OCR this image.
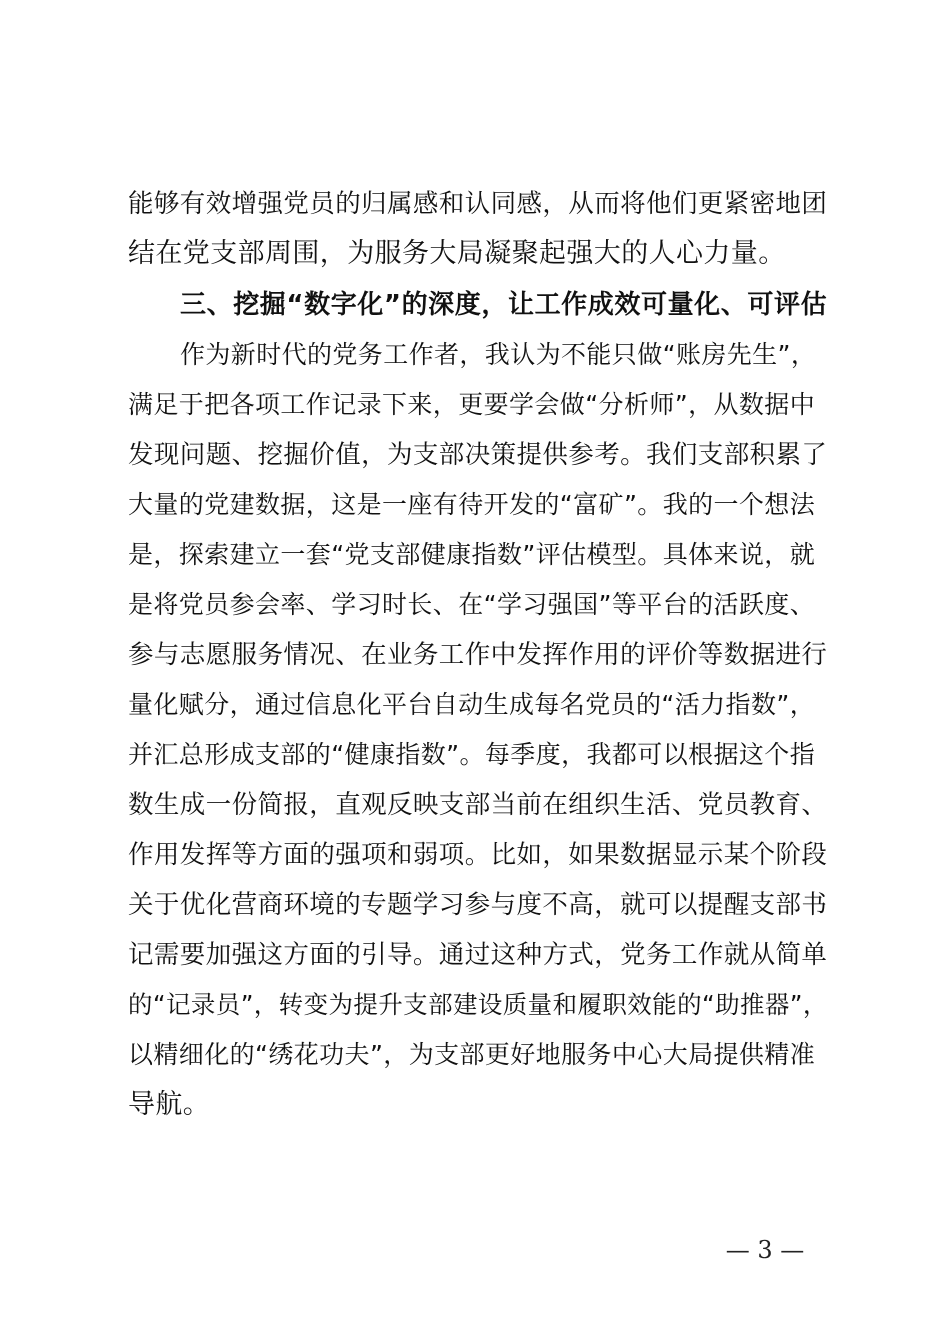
能够有效增强党员的归属感和认同感，从而将他们更紧密地团
结在党支部周围，为服务大局凝聚起强大的人心力量。
三、挖掘“数字化”的深度，让工作成效可量化、可评估
作为新时代的党务工作者，我认为不能只做“账房先生”，
满足于把各项工作记录下来，更要学会做“分析师”，从数据中
发现问题、挖掘价值，为支部决策提供参考。我们支部积累了
大量的党建数据，这是一座有待开发的“富矿”。我的一个想法
是，探索建立一套“党支部健康指数”评估模型。具体来说，就
是将党员参会率、学习时长、在“学习强国”等平台的活跃度、
参与志愿服务情况、在业务工作中发挥作用的评价等数据进行
量化赋分，通过信息化平台自动生成每名党员的“活力指数”，
并汇总形成支部的“健康指数”。每季度，我都可以根据这个指
数生成一份简报，直观反映支部当前在组织生活、党员教育、
作用发挥等方面的强项和弱项。比如，如果数据显示某个阶段
关于优化营商环境的专题学习参与度不高，就可以提醒支部书
记需要加强这方面的引导。通过这种方式，党务工作就从简单
的“记录员”，转变为提升支部建设质量和履职效能的“助推器”，
以精细化的“绣花功夫”，为支部更好地服务中心大局提供精准
导航。
— 3 —
